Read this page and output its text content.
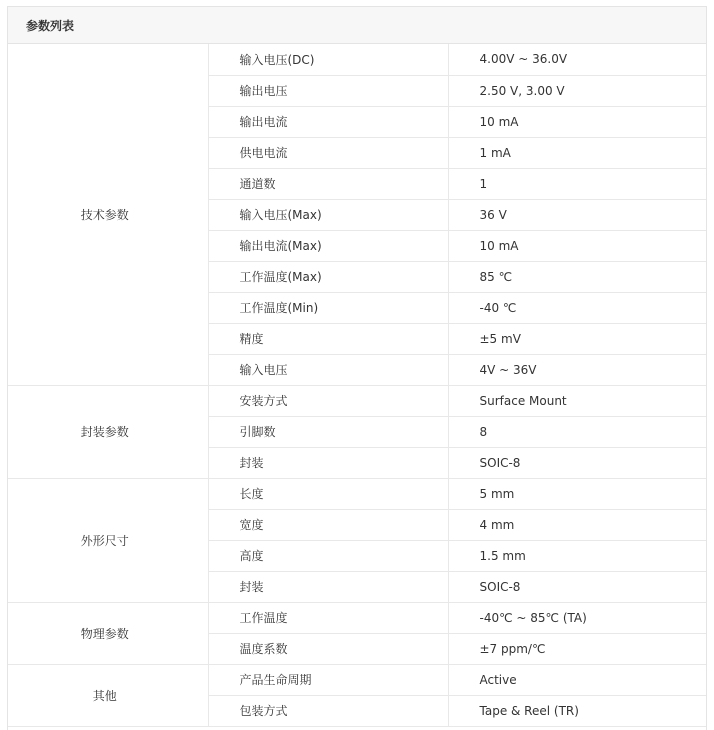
参数列表
技术参数	输入电压(DC)	4.00V ~ 36.0V
	输出电压	2.50 V, 3.00 V
	输出电流	10 mA
	供电电流	1 mA
	通道数	1
	输入电压(Max)	36 V
	输出电流(Max)	10 mA
	工作温度(Max)	85 ℃
	工作温度(Min)	-40 ℃
	精度	±5 mV
	输入电压	4V ~ 36V
封装参数	安装方式	Surface Mount
	引脚数	8
	封装	SOIC-8
外形尺寸	长度	5 mm
	宽度	4 mm
	高度	1.5 mm
	封装	SOIC-8
物理参数	工作温度	-40℃ ~ 85℃ (TA)
	温度系数	±7 ppm/℃
其他	产品生命周期	Active
	包装方式	Tape & Reel (TR)
